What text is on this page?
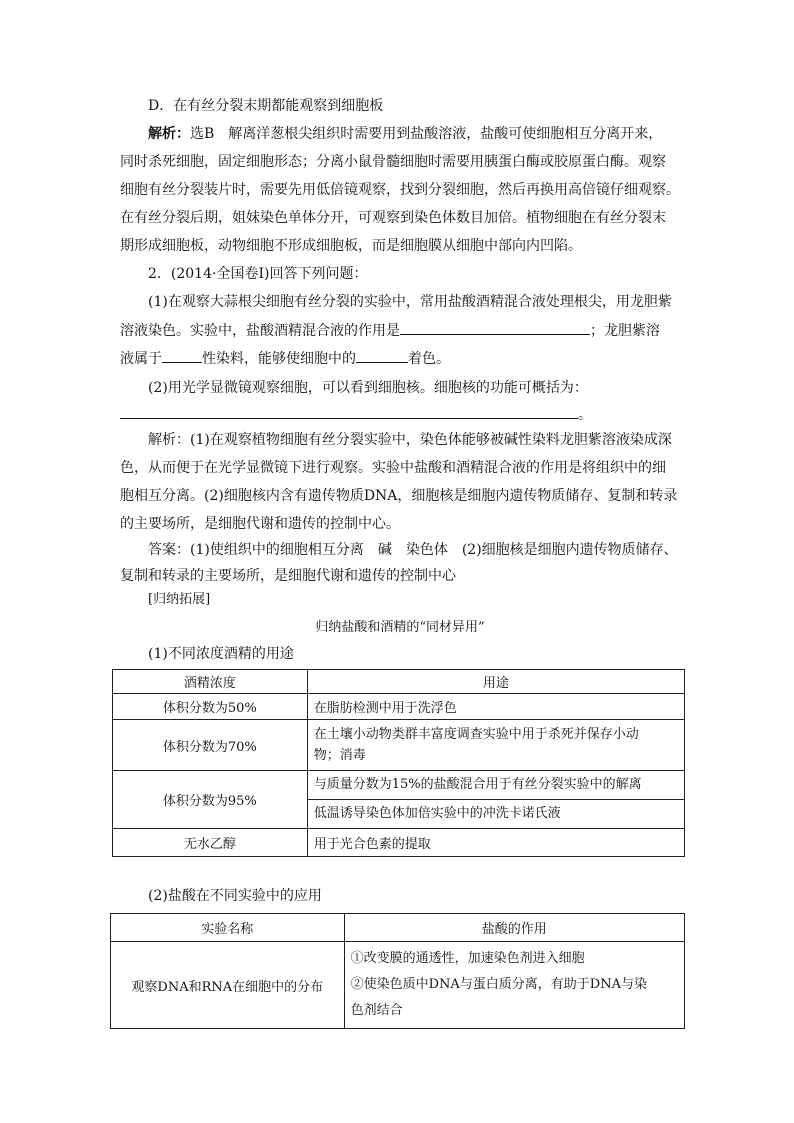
D．在有丝分裂末期都能观察到细胞板
解析：选B　解离洋葱根尖组织时需要用到盐酸溶液，盐酸可使细胞相互分离开来，
同时杀死细胞，固定细胞形态；分离小鼠骨髓细胞时需要用胰蛋白酶或胶原蛋白酶。观察
细胞有丝分裂装片时，需要先用低倍镜观察，找到分裂细胞，然后再换用高倍镜仔细观察。
在有丝分裂后期，姐妹染色单体分开，可观察到染色体数目加倍。植物细胞在有丝分裂末
期形成细胞板，动物细胞不形成细胞板，而是细胞膜从细胞中部向内凹陷。
2．(2014·全国卷Ⅰ)回答下列问题：
(1)在观察大蒜根尖细胞有丝分裂的实验中，常用盐酸酒精混合液处理根尖，用龙胆紫
溶液染色。实验中，盐酸酒精混合液的作用是	；龙胆紫溶
液属于	性染料，能够使细胞中的	着色。
(2)用光学显微镜观察细胞，可以看到细胞核。细胞核的功能可概括为：
。
解析：(1)在观察植物细胞有丝分裂实验中，染色体能够被碱性染料龙胆紫溶液染成深
色，从而便于在光学显微镜下进行观察。实验中盐酸和酒精混合液的作用是将组织中的细
胞相互分离。(2)细胞核内含有遗传物质DNA，细胞核是细胞内遗传物质储存、复制和转录
的主要场所，是细胞代谢和遗传的控制中心。
答案：(1)使组织中的细胞相互分离　碱　染色体　(2)细胞核是细胞内遗传物质储存、
复制和转录的主要场所，是细胞代谢和遗传的控制中心
[归纳拓展]
归纳盐酸和酒精的“同材异用”
(1)不同浓度酒精的用途
酒精浓度	用途
体积分数为50%	在脂肪检测中用于洗浮色
体积分数为70%	在土壤小动物类群丰富度调查实验中用于杀死并保存小动
物；消毒

体积分数为95%	与质量分数为15%的盐酸混合用于有丝分裂实验中的解离
低温诱导染色体加倍实验中的冲洗卡诺氏液

无水乙醇	用于光合色素的提取
(2)盐酸在不同实验中的应用
实验名称	盐酸的作用
观察DNA和RNA在细胞中的分布	①改变膜的通透性，加速染色剂进入细胞
②使染色质中DNA与蛋白质分离，有助于DNA与染
色剂结合
